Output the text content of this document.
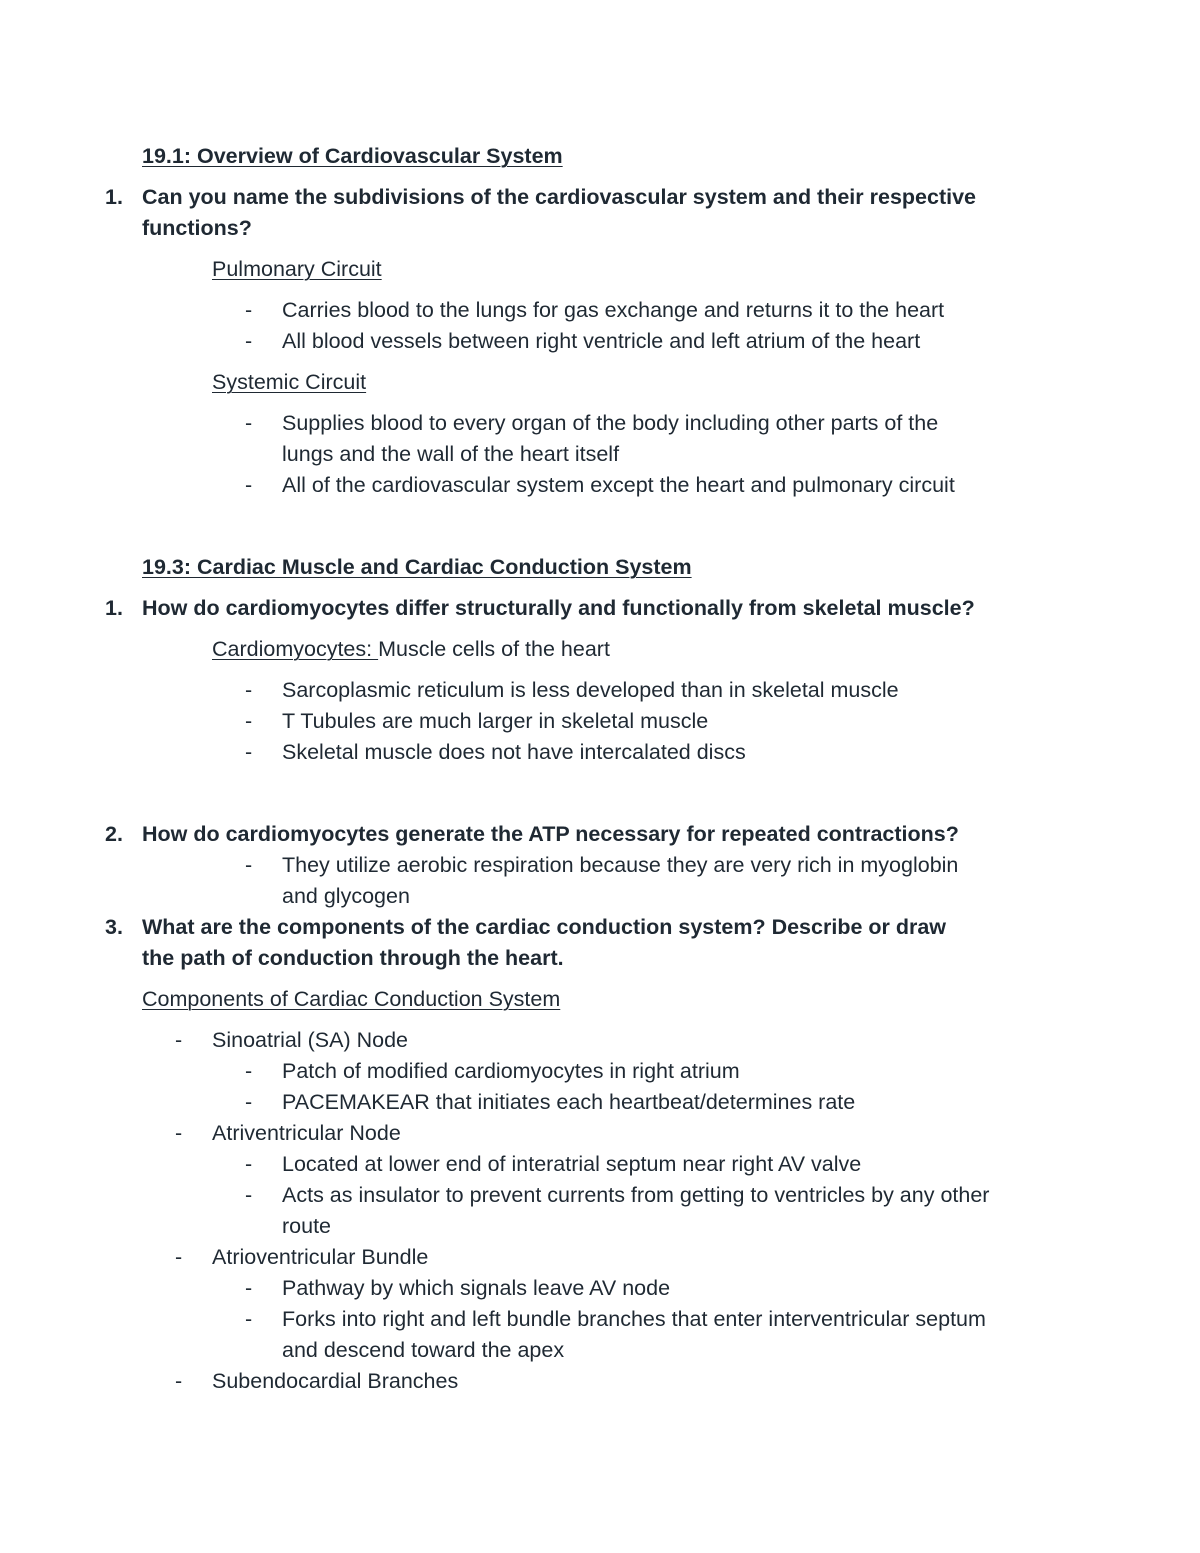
19.1: Overview of Cardiovascular System
1. Can you name the subdivisions of the cardiovascular system and their respective
functions?
Pulmonary Circuit
- Carries blood to the lungs for gas exchange and returns it to the heart
- All blood vessels between right ventricle and left atrium of the heart
Systemic Circuit
- Supplies blood to every organ of the body including other parts of the
lungs and the wall of the heart itself
- All of the cardiovascular system except the heart and pulmonary circuit
19.3: Cardiac Muscle and Cardiac Conduction System
1. How do cardiomyocytes differ structurally and functionally from skeletal muscle?
Cardiomyocytes: Muscle cells of the heart
- Sarcoplasmic reticulum is less developed than in skeletal muscle
- T Tubules are much larger in skeletal muscle
- Skeletal muscle does not have intercalated discs
2. How do cardiomyocytes generate the ATP necessary for repeated contractions?
- They utilize aerobic respiration because they are very rich in myoglobin
and glycogen
3. What are the components of the cardiac conduction system? Describe or draw
the path of conduction through the heart.
Components of Cardiac Conduction System
- Sinoatrial (SA) Node
- Patch of modified cardiomyocytes in right atrium
- PACEMAKEAR that initiates each heartbeat/determines rate
- Atriventricular Node
- Located at lower end of interatrial septum near right AV valve
- Acts as insulator to prevent currents from getting to ventricles by any other
route
- Atrioventricular Bundle
- Pathway by which signals leave AV node
- Forks into right and left bundle branches that enter interventricular septum
and descend toward the apex
- Subendocardial Branches
